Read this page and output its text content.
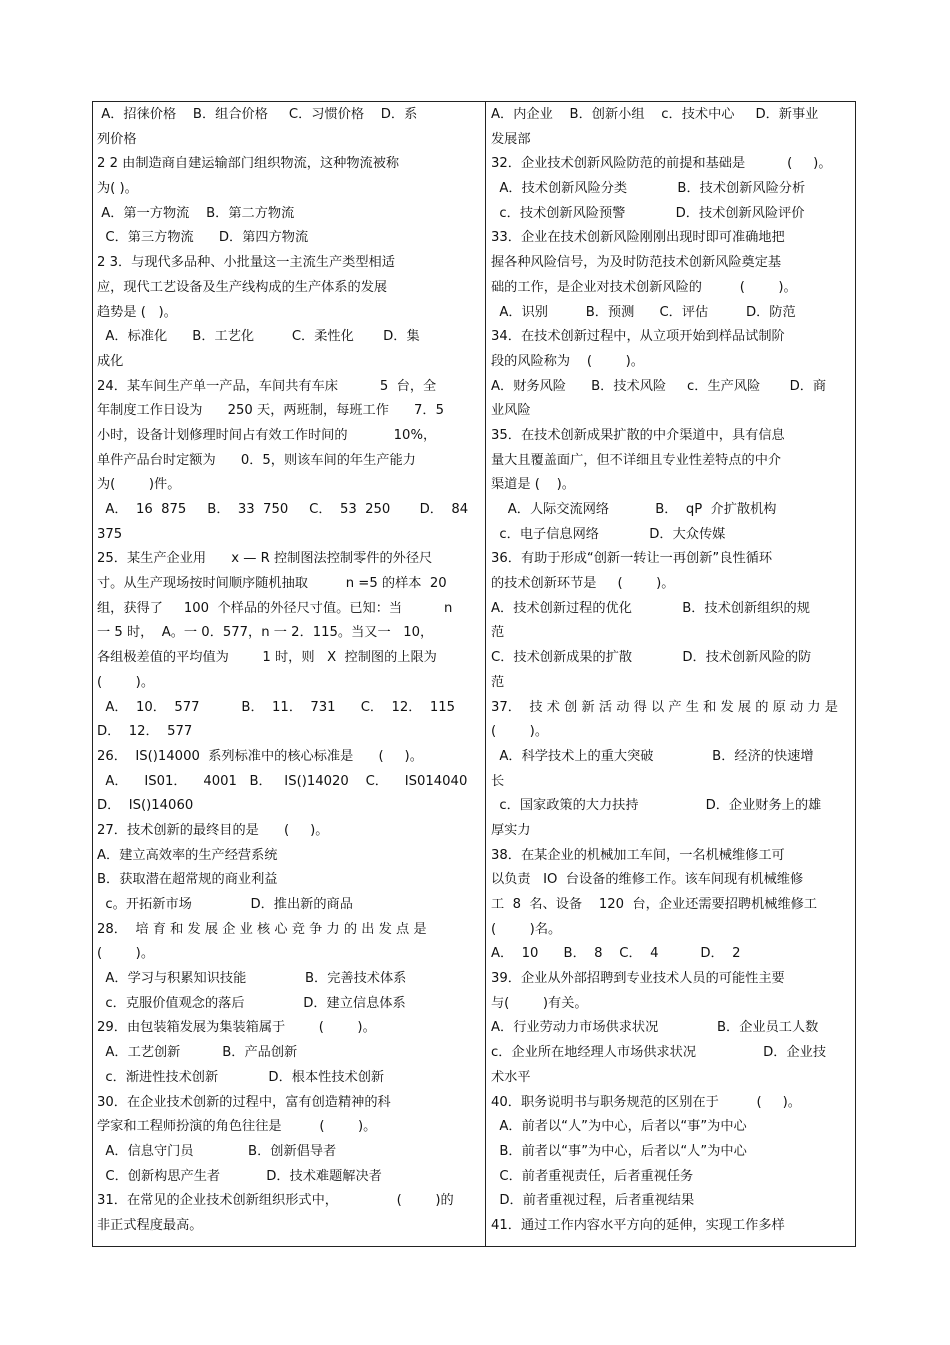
A．招徕价格    B．组合价格     C．习惯价格    D．系
列价格
2 2 由制造商自建运输部门组织物流，这种物流被称
为( )。
A．第一方物流    B．第二方物流
C．第三方物流      D．第四方物流
2 3．与现代多品种、小批量这一主流生产类型相适
应，现代工艺设备及生产线构成的生产体系的发展
趋势是 (   )。
A．标准化      B．工艺化         C．柔性化       D．集
成化
24．某车间生产单一产品，车间共有车床          5  台，全
年制度工作日设为      250 天，两班制，每班工作      7．5
小时，设备计划修理时间占有效工作时间的           10%，
单件产品台时定额为      0．5，则该车间的年生产能力
为(        )件。
A．  16  875     B．  33  750     C．  53  250       D．  84
375
25．某生产企业用      x — R 控制图法控制零件的外径尺
寸。从生产现场按时间顺序随机抽取         n =5 的样本  20
组，获得了     100  个样品的外径尺寸值。已知：当          n
一 5 时，  A。一 0．577，n 一 2．115。当又一   10，
各组极差值的平均值为        1 时，则   X  控制图的上限为
(        )。
A．  10．  577          B．  11．  731      C．  12．  115
D．  12．  577
26．  IS()14000  系列标准中的核心标准是      (     )。
A．    IS01．    4001   B．   IS()14020    C．    IS014040
D．  IS()14060
27．技术创新的最终目的是      (     )。
A．建立高效率的生产经营系统
B．获取潜在超常规的商业利益
c。开拓新市场              D．推出新的商品
28．  培 育 和 发 展 企 业 核 心 竞 争 力 的 出 发 点 是
(        )。
A．学习与积累知识技能              B．完善技术体系
c．克服价值观念的落后              D．建立信息体系
29．由包装箱发展为集装箱属于        (        )。
A．工艺创新          B．产品创新
c．渐进性技术创新            D．根本性技术创新
30．在企业技术创新的过程中，富有创造精神的科
学家和工程师扮演的角色往往是         (        )。
A．信息守门员             B．创新倡导者
C．创新构思产生者           D．技术难题解决者
31．在常见的企业技术创新组织形式中，              (        )的
非正式程度最高。
A．内企业    B．创新小组    c．技术中心     D．新事业
发展部
32．企业技术创新风险防范的前提和基础是          (     )。
A．技术创新风险分类            B．技术创新风险分析
c．技术创新风险预警            D．技术创新风险评价
33．企业在技术创新风险刚刚出现时即可准确地把
握各种风险信号，为及时防范技术创新风险奠定基
础的工作，是企业对技术创新风险的         (        )。
A．识别         B．预测      C．评估         D．防范
34．在技术创新过程中，从立项开始到样品试制阶
段的风险称为    (        )。
A．财务风险      B．技术风险     c．生产风险       D．商
业风险
35．在技术创新成果扩散的中介渠道中，具有信息
量大且覆盖面广，但不详细且专业性差特点的中介
渠道是 (    )。
A．人际交流网络           B．  qP  介扩散机构
c．电子信息网络            D．大众传媒
36．有助于形成“创新一转让一再创新”良性循环
的技术创新环节是     (        )。
A．技术创新过程的优化            B．技术创新组织的规
范
C．技术创新成果的扩散            D．技术创新风险的防
范
37．  技 术 创 新 活 动 得 以 产 生 和 发 展 的 原 动 力 是
(        )。
A．科学技术上的重大突破              B．经济的快速增
长
c．国家政策的大力扶持                D．企业财务上的雄
厚实力
38．在某企业的机械加工车间，一名机械维修工可
以负责   IO  台设备的维修工作。该车间现有机械维修
工  8  名、设备    120  台，企业还需要招聘机械维修工
(        )名。
A．  10      B．  8    C．  4          D．  2
39．企业从外部招聘到专业技术人员的可能性主要
与(        )有关。
A．行业劳动力市场供求状况              B．企业员工人数
c．企业所在地经理人市场供求状况                D．企业技
术水平
40．职务说明书与职务规范的区别在于         (     )。
A．前者以“人”为中心，后者以“事”为中心
B．前者以“事”为中心，后者以“人”为中心
C．前者重视责任，后者重视任务
D．前者重视过程，后者重视结果
41．通过工作内容水平方向的延伸，实现工作多样
